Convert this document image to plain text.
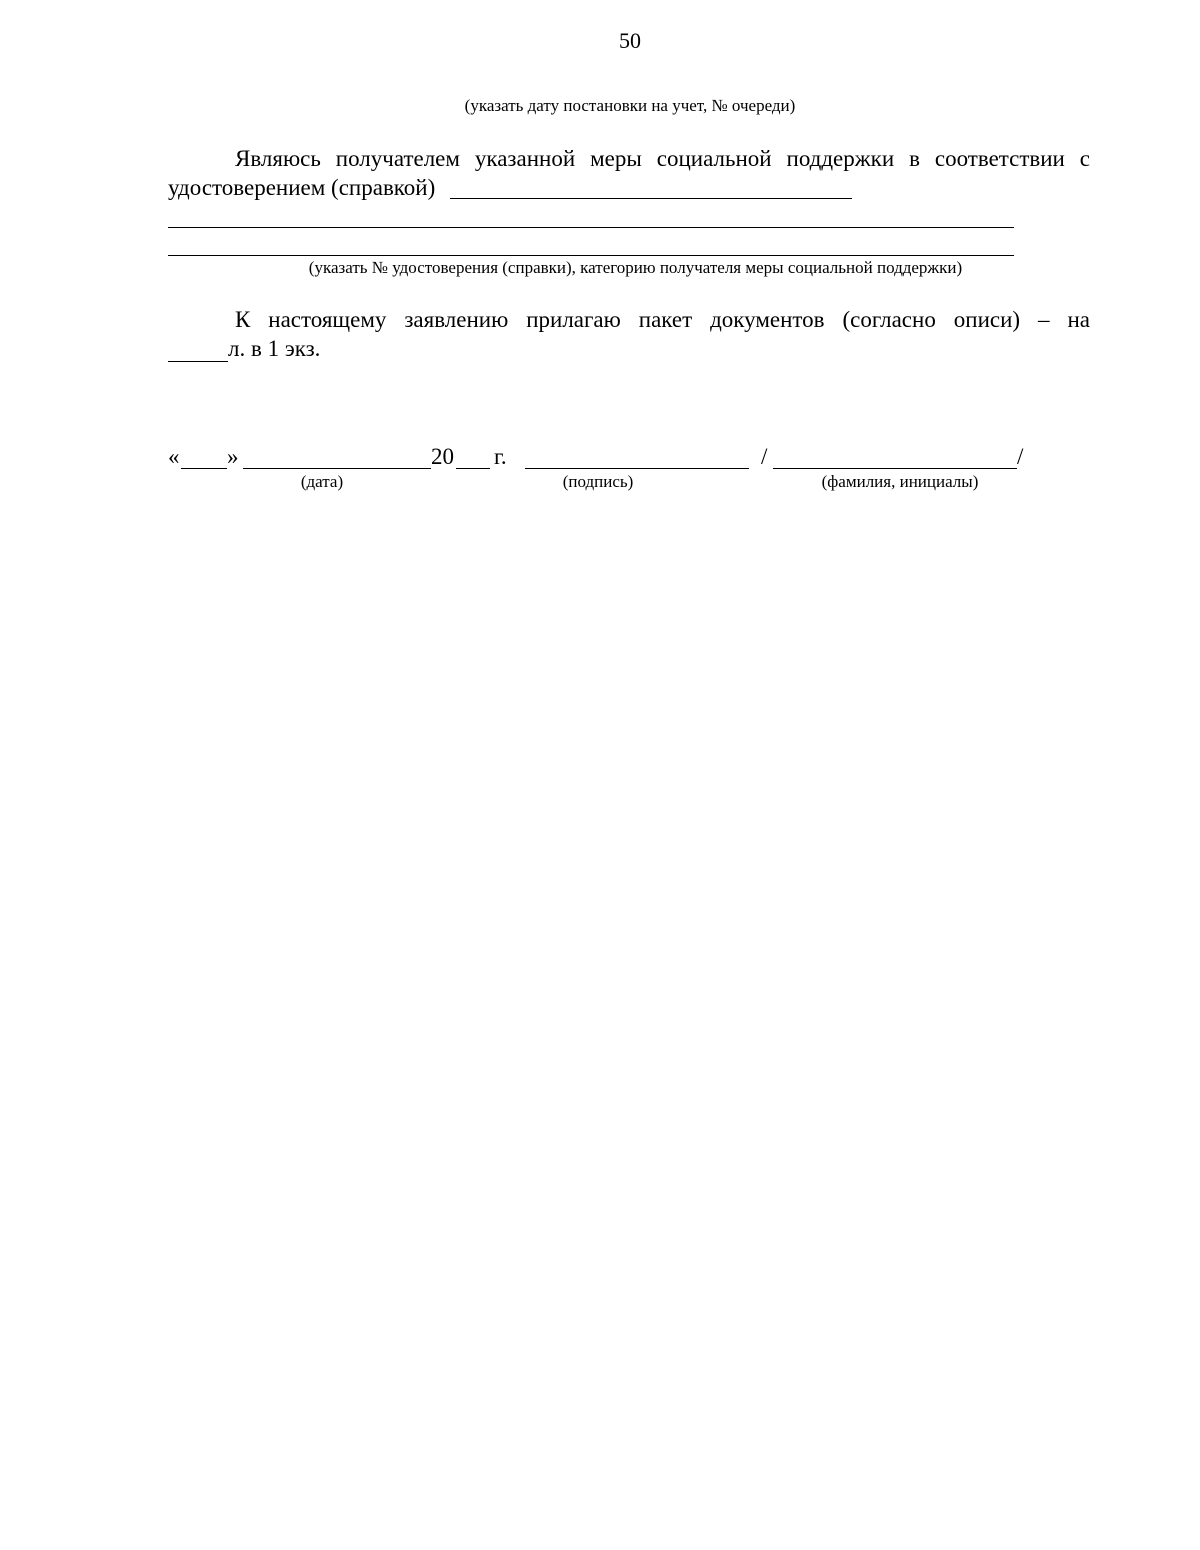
50
(указать дату постановки на учет, № очереди)
Являюсь получателем указанной меры социальной поддержки в соответствии с
удостоверением (справкой)
(указать № удостоверения (справки), категорию получателя меры социальной поддержки)
К настоящему заявлению прилагаю пакет документов (согласно описи) – на
л. в 1 экз.
« »	20 г.	/	/
(дата)	(подпись)	(фамилия, инициалы)
